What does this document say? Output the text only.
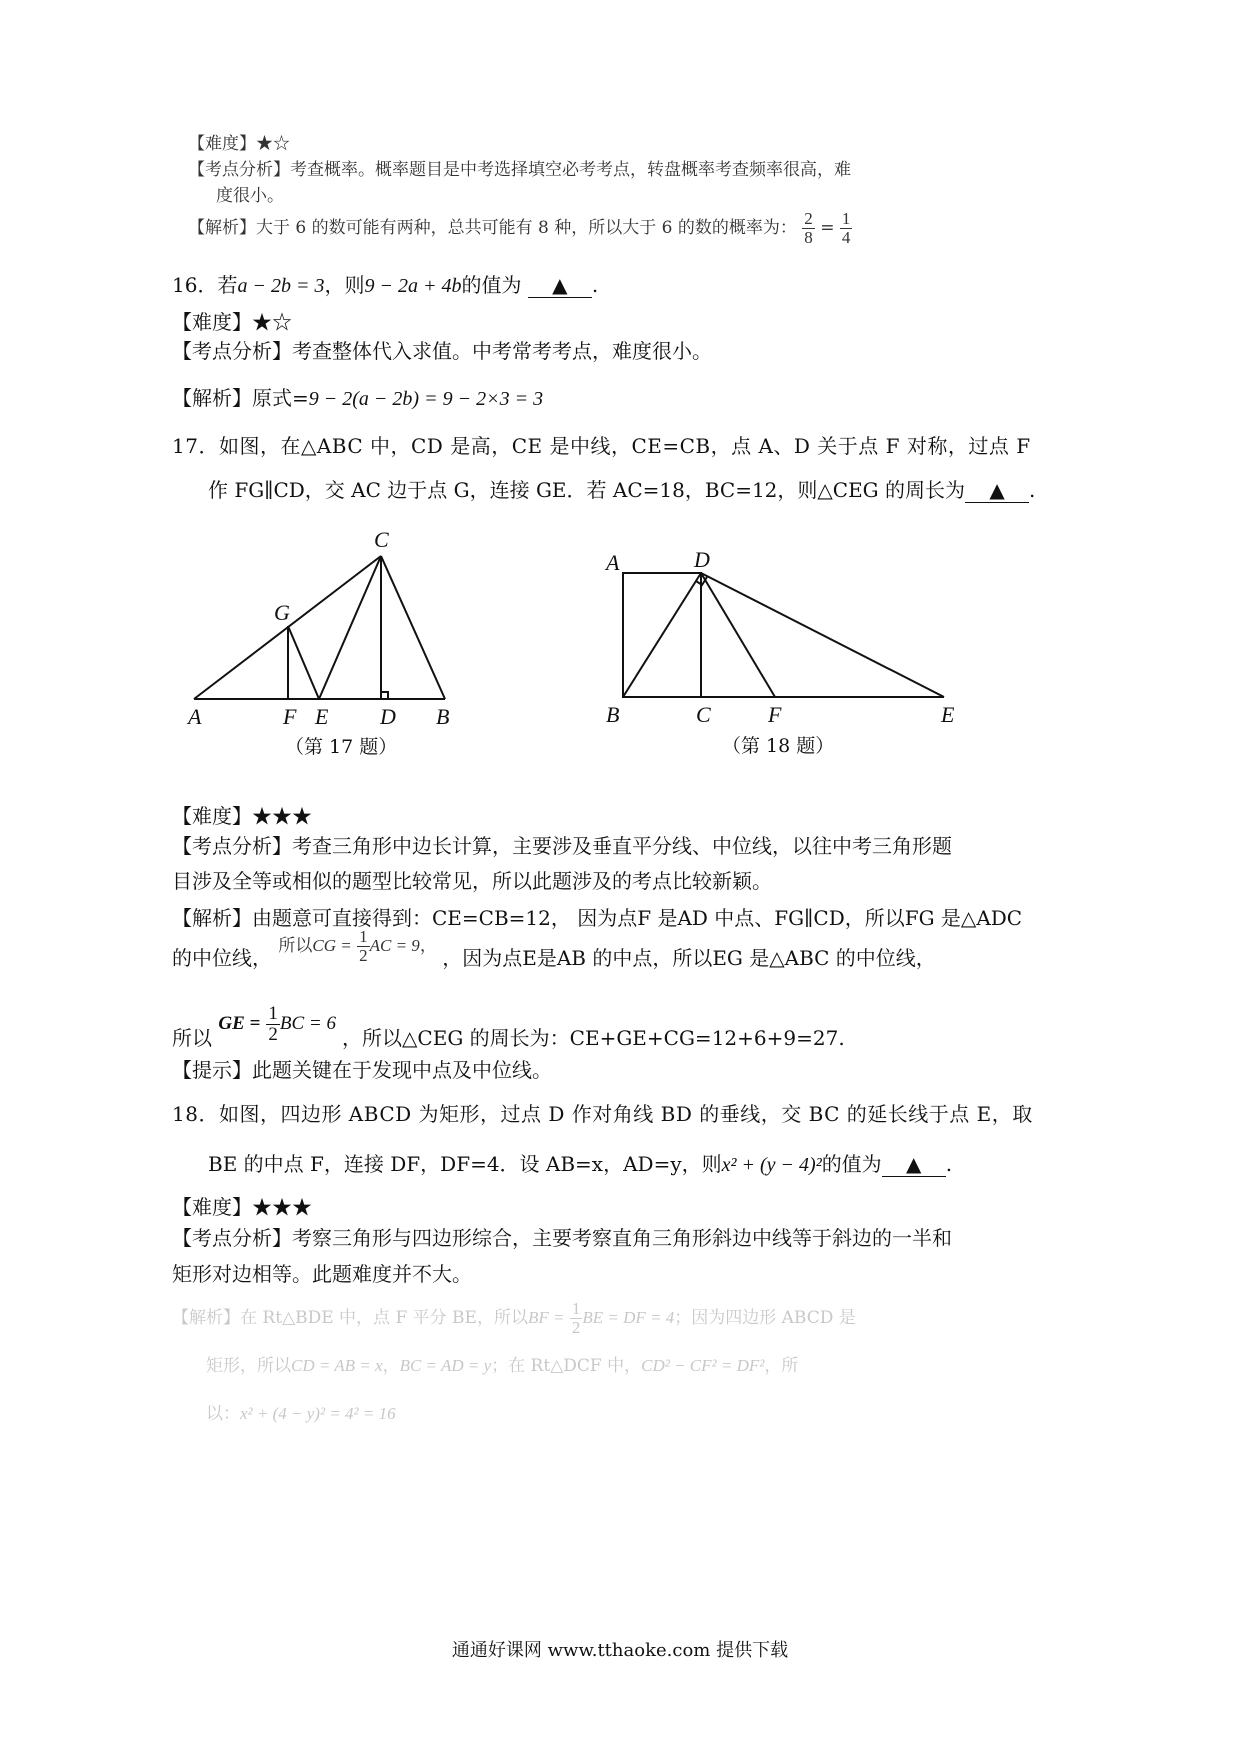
【难度】★☆
【考点分析】考查概率。概率题目是中考选择填空必考考点，转盘概率考查频率很高，难
度很小。
【解析】大于 6 的数可能有两种，总共可能有 8 种，所以大于 6 的数的概率为： $\frac{2}{8} = \frac{1}{4}$
16．若a − 2b = 3，则9 − 2a + 4b的值为 ▲ .
【难度】★☆
【考点分析】考查整体代入求值。中考常考考点，难度很小。
【解析】原式=9 − 2(a − 2b) = 9 − 2×3 = 3
17．如图，在△ABC 中，CD 是高，CE 是中线，CE=CB，点 A、D 关于点 F 对称，过点 F
作 FG∥CD，交 AC 边于点 G，连接 GE．若 AC=18，BC=12，则△CEG 的周长为 ▲ .
C
G
A	F E D B
（第 17 题）
A	D
B	C	F	E
（第 18 题）
【难度】★★★
【考点分析】考查三角形中边长计算，主要涉及垂直平分线、中位线，以往中考三角形题
目涉及全等或相似的题型比较常见，所以此题涉及的考点比较新颖。
【解析】由题意可直接得到：CE=CB=12， 因为点F 是AD 中点、FG∥CD，所以FG 是△ADC
的中位线， $^{所以CG = \frac{1}{2} AC = 9,}$ ，因为点E是AB 的中点，所以EG 是△ABC 的中位线，
所以 GE = $\frac{1}{2}$ BC = 6 ，所以△CEG 的周长为：CE+GE+CG=12+6+9=27.
【提示】此题关键在于发现中点及中位线。
18．如图，四边形 ABCD 为矩形，过点 D 作对角线 BD 的垂线，交 BC 的延长线于点 E，取
BE 的中点 F，连接 DF，DF=4．设 AB=x，AD=y，则x² + (y − 4)²的值为 ▲ .
【难度】★★★
【考点分析】考察三角形与四边形综合，主要考察直角三角形斜边中线等于斜边的一半和
矩形对边相等。此题难度并不大。
【解析】在 Rt△BDE 中，点 F 平分 BE，所以BF = $\frac{1}{2}$ BE = DF = 4；因为四边形 ABCD 是
矩形，所以CD = AB = x，BC = AD = y；在 Rt△DCF 中，CD² − CF² = DF²，所
以：x² + (4 − y)² = 4² = 16
通通好课网 www.tthaoke.com 提供下载
